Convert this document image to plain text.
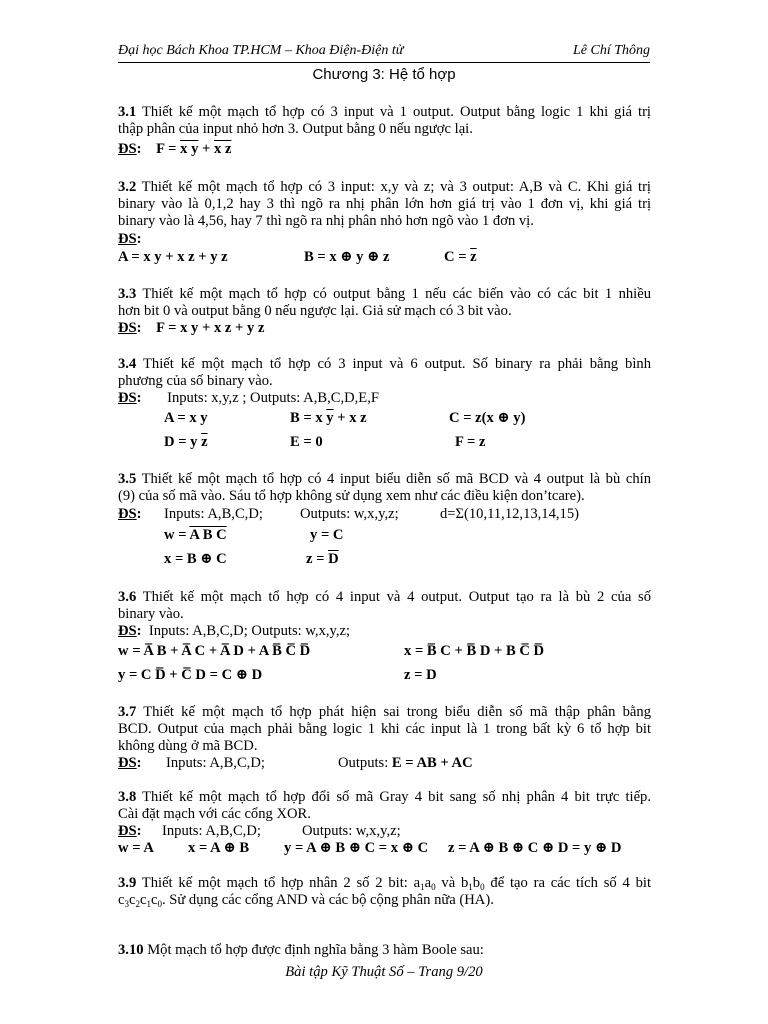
Đại học Bách Khoa TP.HCM – Khoa Điện-Điện tử	Lê Chí Thông
Chương 3: Hệ tổ hợp
3.1 Thiết kế một mạch tổ hợp có 3 input và 1 output. Output bằng logic 1 khi giá trị
thập phân của input nhỏ hơn 3. Output bằng 0 nếu ngược lại.
ĐS: F = x y + x z
3.2 Thiết kế một mạch tổ hợp có 3 input: x,y và z; và 3 output: A,B và C. Khi giá trị
binary vào là 0,1,2 hay 3 thì ngõ ra nhị phân lớn hơn giá trị vào 1 đơn vị, khi giá trị
binary vào là 4,56, hay 7 thì ngõ ra nhị phân nhỏ hơn ngõ vào 1 đơn vị.
ĐS:
A = x y + x z + y z	B = x ⊕ y ⊕ z	$C = \overline{z}$
3.3 Thiết kế một mạch tổ hợp có output bằng 1 nếu các biến vào có các bit 1 nhiều
hơn bit 0 và output bằng 0 nếu ngược lại. Giả sử mạch có 3 bit vào.
ĐS: F = x y + x z + y z
3.4 Thiết kế một mạch tổ hợp có 3 input và 6 output. Số binary ra phải bằng bình
phương của số binary vào.
ĐS: Inputs: x,y,z ; Outputs: A,B,C,D,E,F
A = x y	B = x $\overline{y} + x$ z	C = z(x ⊕ y)
D = y $\overline{z}$	E = 0	F = z
3.5 Thiết kế một mạch tổ hợp có 4 input biểu diễn số mã BCD và 4 output là bù chín
(9) của số mã vào. Sáu tổ hợp không sử dụng xem như các điều kiện don’tcare).
ĐS: Inputs: A,B,C,D;	Outputs: w,x,y,z;	d=Σ(10,11,12,13,14,15)
w = A B C	y = C
x = B ⊕ C	$z = \overline{D}$
3.6 Thiết kế một mạch tổ hợp có 4 input và 4 output. Output tạo ra là bù 2 của số
binary vào.
ĐS: Inputs: A,B,C,D; Outputs: w,x,y,z;
w = A̅ B + A̅ C + A̅ D + A B̅ C̅ D̅	x = B̅ C + B̅ D + B C̅ D̅
y = C D̅ + C̅ D = C ⊕ D	z = D
3.7 Thiết kế một mạch tổ hợp phát hiện sai trong biểu diễn số mã thập phân bằng
BCD. Output của mạch phải bằng logic 1 khi các input là 1 trong bất kỳ 6 tổ hợp bit
không dùng ở mã BCD.
ĐS: Inputs: A,B,C,D;	Outputs: E = AB + AC
3.8 Thiết kế một mạch tổ hợp đổi số mã Gray 4 bit sang số nhị phân 4 bit trực tiếp.
Cài đặt mạch với các cổng XOR.
ĐS: Inputs: A,B,C,D;	Outputs: w,x,y,z;
w = A x = A ⊕ B y = A ⊕ B ⊕ C = x ⊕ C z = A ⊕ B ⊕ C ⊕ D = y ⊕ D
3.9 Thiết kế một mạch tổ hợp nhân 2 số 2 bit: $a_1a_0$ và $b_1b_0$ để tạo ra các tích số 4 bit
$c_3c_2c_1c_0$. Sử dụng các cổng AND và các bộ cộng phân nữa (HA).
3.10 Một mạch tổ hợp được định nghĩa bằng 3 hàm Boole sau:
Bài tập Kỹ Thuật Số – Trang 9/20
